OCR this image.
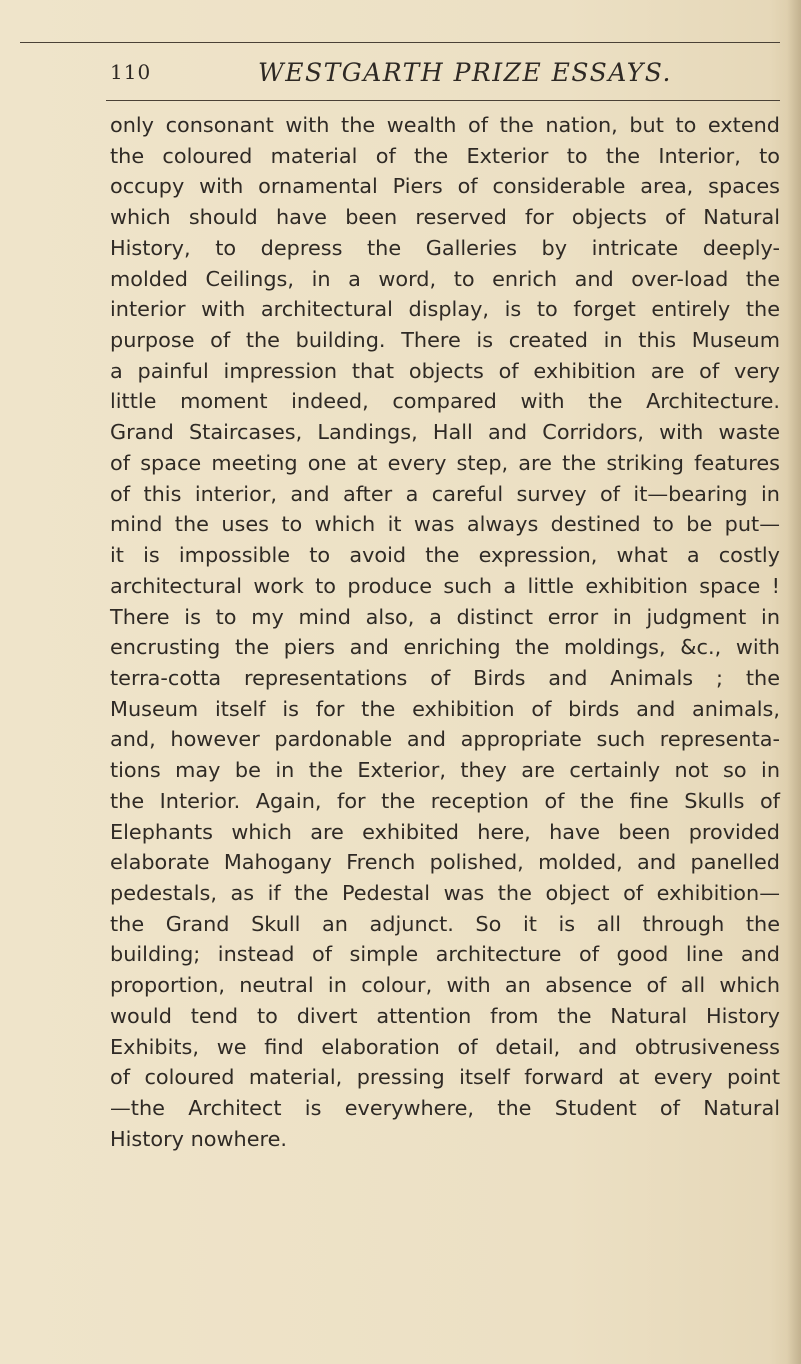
110	WESTGARTH PRIZE ESSAYS.
only consonant with the wealth of the nation, but to extend
the coloured material of the Exterior to the Interior, to
occupy with ornamental Piers of considerable area, spaces
which should have been reserved for objects of Natural
History, to depress the Galleries by intricate deeply-
molded Ceilings, in a word, to enrich and over-load the
interior with architectural display, is to forget entirely the
purpose of the building. There is created in this Museum
a painful impression that objects of exhibition are of very
little moment indeed, compared with the Architecture.
Grand Staircases, Landings, Hall and Corridors, with waste
of space meeting one at every step, are the striking features
of this interior, and after a careful survey of it—bearing in
mind the uses to which it was always destined to be put—
it is impossible to avoid the expression, what a costly
architectural work to produce such a little exhibition space !
There is to my mind also, a distinct error in judgment in
encrusting the piers and enriching the moldings, &c., with
terra-cotta representations of Birds and Animals ; the
Museum itself is for the exhibition of birds and animals,
and, however pardonable and appropriate such representa-
tions may be in the Exterior, they are certainly not so in
the Interior. Again, for the reception of the fine Skulls of
Elephants which are exhibited here, have been provided
elaborate Mahogany French polished, molded, and panelled
pedestals, as if the Pedestal was the object of exhibition—
the Grand Skull an adjunct. So it is all through the
building; instead of simple architecture of good line and
proportion, neutral in colour, with an absence of all which
would tend to divert attention from the Natural History
Exhibits, we find elaboration of detail, and obtrusiveness
of coloured material, pressing itself forward at every point
—the Architect is everywhere, the Student of Natural
History nowhere.
